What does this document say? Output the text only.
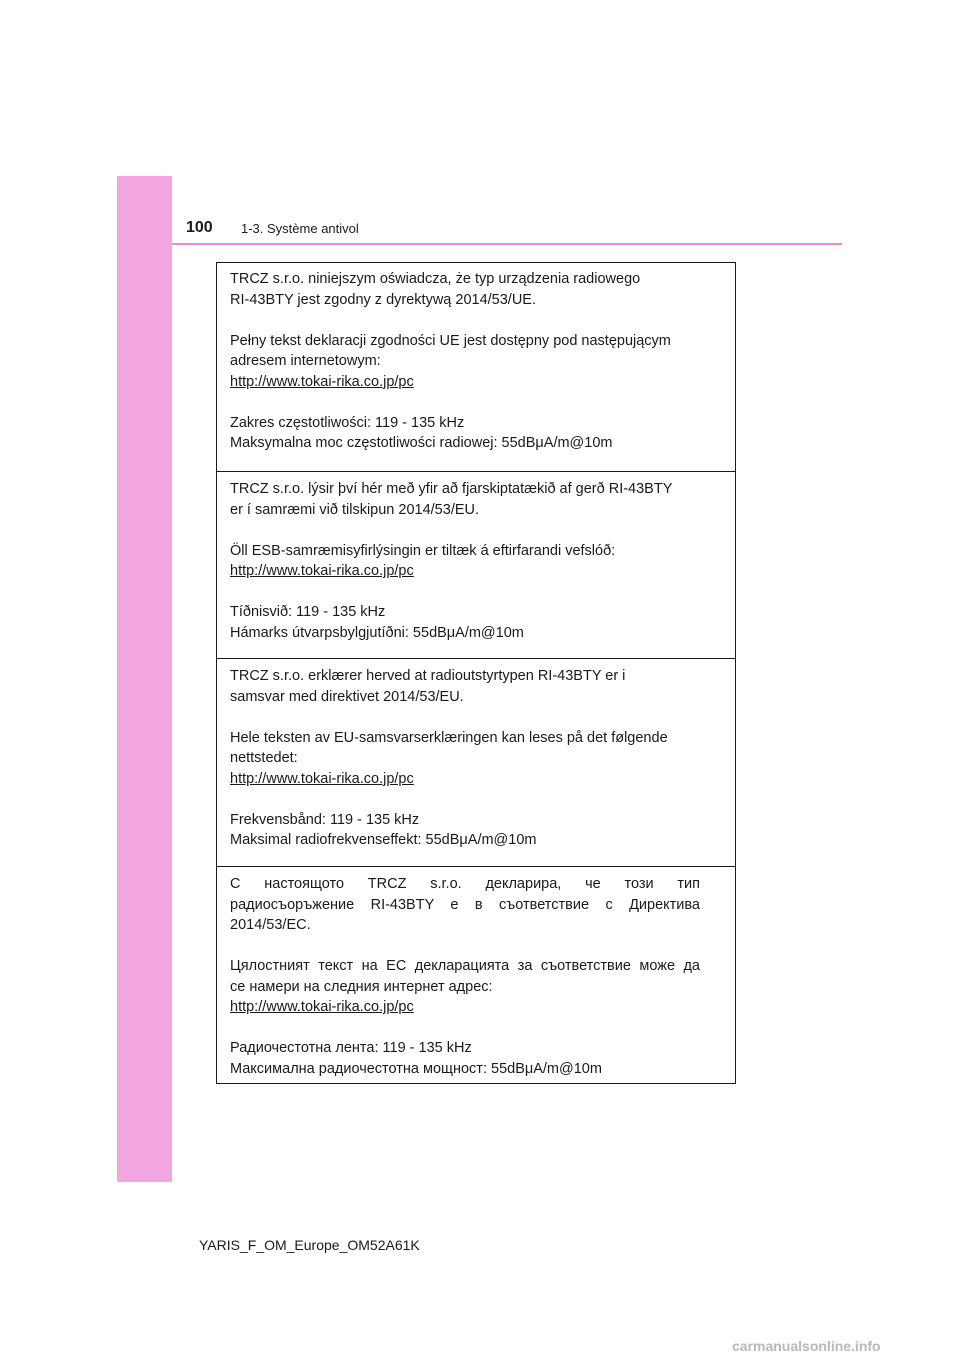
100 1-3. Système antivol

TRCZ s.r.o. niniejszym oświadcza, że typ urządzenia radiowego

RI-43BTY jest zgodny z dyrektywą 2014/53/UE.

Pełny tekst deklaracji zgodności UE jest dostępny pod następującym

adresem internetowym:

http://www.tokai-rika.co.jp/pc

Zakres częstotliwości: 119 - 135 kHz

Maksymalna moc częstotliwości radiowej: 55dBμA/m@10m

TRCZ s.r.o. lýsir því hér með yfir að fjarskiptatækið af gerð RI-43BTY

er í samræmi við tilskipun 2014/53/EU.

Öll ESB-samræmisyfirlýsingin er tiltæk á eftirfarandi vefslóð:

http://www.tokai-rika.co.jp/pc

Tíðnisvið: 119 - 135 kHz

Hámarks útvarpsbylgjutíðni: 55dBμA/m@10m

TRCZ s.r.o. erklærer herved at radioutstyrtypen RI-43BTY er i

samsvar med direktivet 2014/53/EU.

Hele teksten av EU-samsvarserklæringen kan leses på det følgende

nettstedet:

http://www.tokai-rika.co.jp/pc

Frekvensbånd: 119 - 135 kHz

Maksimal radiofrekvenseffekt: 55dBμA/m@10m

С настоящото TRCZ s.r.o. декларира, че този тип

радиосъоръжение RI-43BTY е в съответствие с Директива

2014/53/ЕС.

Цялостният текст на ЕС декларацията за съответствие може да

се намери на следния интернет адрес:

http://www.tokai-rika.co.jp/pc

Радиочестотна лента: 119 - 135 kHz

Максимална радиочестотна мощност: 55dBμA/m@10m

YARIS_F_OM_Europe_OM52A61K
carmanualsonline.info
